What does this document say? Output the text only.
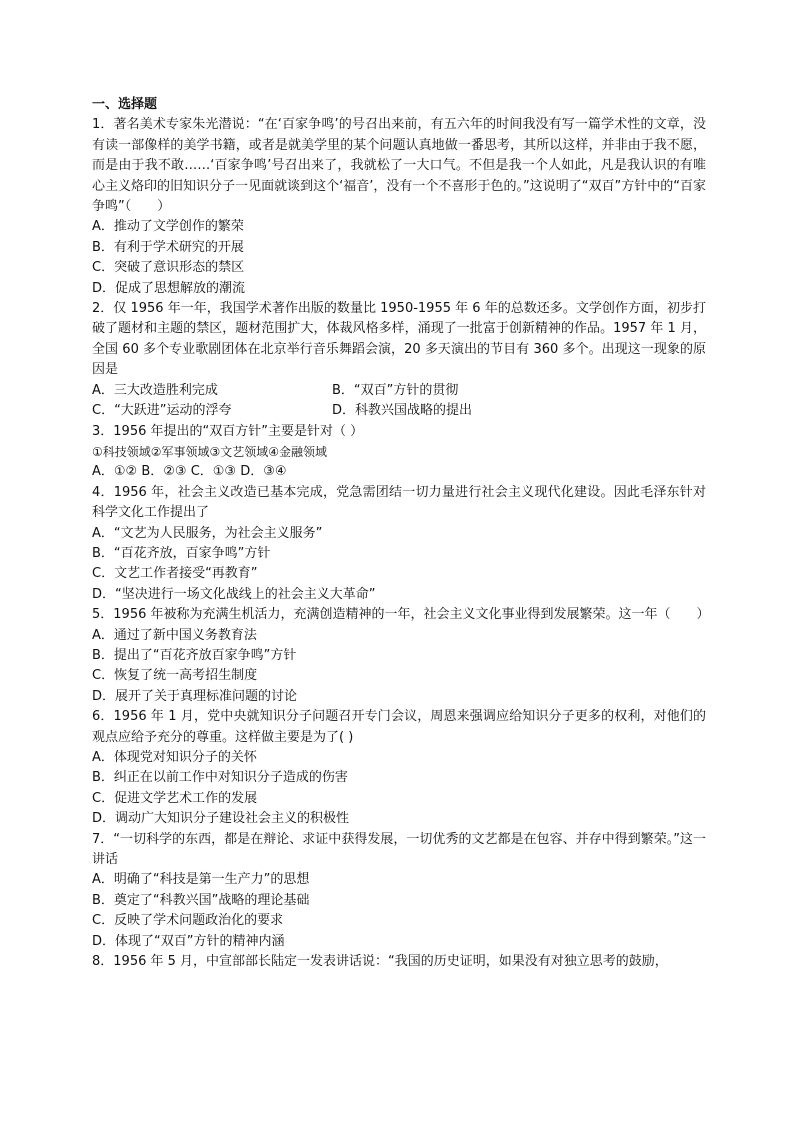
一、选择题
1．著名美术专家朱光潜说：“在‘百家争鸣’的号召出来前，有五六年的时间我没有写一篇学术性的文章，没有读一部像样的美学书籍，或者是就美学里的某个问题认真地做一番思考，其所以这样，并非由于我不愿，而是由于我不敢……‘百家争鸣’号召出来了，我就松了一大口气。不但是我一个人如此，凡是我认识的有唯心主义烙印的旧知识分子一见面就谈到这个‘福音’，没有一个不喜形于色的。”这说明了“双百”方针中的“百家争鸣”（　　）
A．推动了文学创作的繁荣
B．有利于学术研究的开展
C．突破了意识形态的禁区
D．促成了思想解放的潮流
2．仅 1956 年一年，我国学术著作出版的数量比 1950-1955 年 6 年的总数还多。文学创作方面，初步打破了题材和主题的禁区，题材范围扩大，体裁风格多样，涌现了一批富于创新精神的作品。1957 年 1 月，全国 60 多个专业歌剧团体在北京举行音乐舞蹈会演，20 多天演出的节目有 360 多个。出现这一现象的原因是
A．三大改造胜利完成	B．“双百”方针的贯彻
C．“大跃进”运动的浮夸	D．科教兴国战略的提出
3．1956 年提出的“双百方针”主要是针对（ ）
①科技领域②军事领域③文艺领域④金融领域
A．①② B．②③ C．①③ D．③④
4．1956 年，社会主义改造已基本完成，党急需团结一切力量进行社会主义现代化建设。因此毛泽东针对科学文化工作提出了
A．“文艺为人民服务，为社会主义服务”
B．“百花齐放，百家争鸣”方针
C．文艺工作者接受“再教育”
D．“坚决进行一场文化战线上的社会主义大革命”
5．1956 年被称为充满生机活力，充满创造精神的一年，社会主义文化事业得到发展繁荣。这一年（　　）
A．通过了新中国义务教育法
B．提出了“百花齐放百家争鸣”方针
C．恢复了统一高考招生制度
D．展开了关于真理标准问题的讨论
6．1956 年 1 月，党中央就知识分子问题召开专门会议，周恩来强调应给知识分子更多的权利，对他们的观点应给予充分的尊重。这样做主要是为了( )
A．体现党对知识分子的关怀
B．纠正在以前工作中对知识分子造成的伤害
C．促进文学艺术工作的发展
D．调动广大知识分子建设社会主义的积极性
7．“一切科学的东西，都是在辩论、求证中获得发展，一切优秀的文艺都是在包容、并存中得到繁荣。”这一讲话
A．明确了“科技是第一生产力”的思想
B．奠定了“科教兴国”战略的理论基础
C．反映了学术问题政治化的要求
D．体现了“双百”方针的精神内涵
8．1956 年 5 月，中宣部部长陆定一发表讲话说：“我国的历史证明，如果没有对独立思考的鼓励，
